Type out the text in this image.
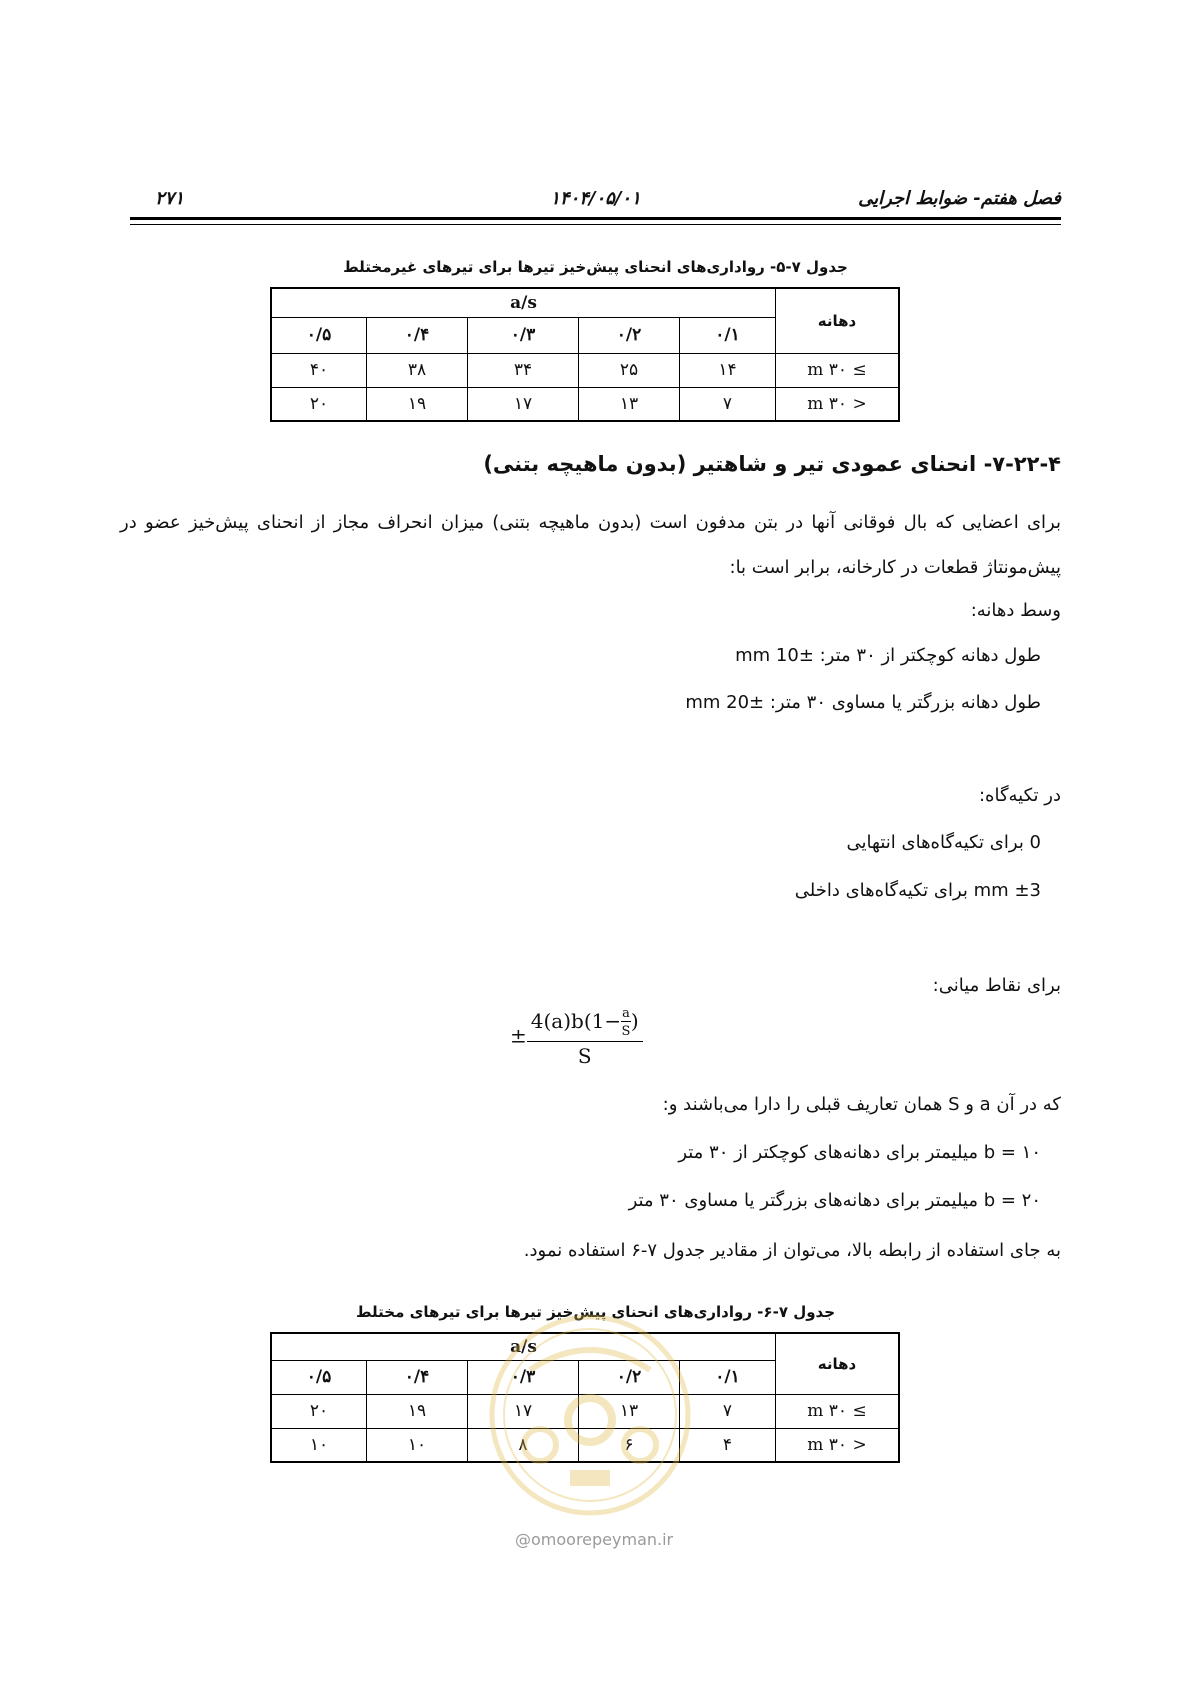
فصل هفتم- ضوابط اجرایی
۱۴۰۴/۰۵/۰۱
۲۷۱
جدول ۷-۵- رواداری‌های انحنای پیش‌خیز تیرها برای تیرهای غیرمختلط
دهانه	a/s				
	۰/۱	۰/۲	۰/۳	۰/۴	۰/۵
≥ ۳۰ m	۱۴	۲۵	۳۴	۳۸	۴۰
< ۳۰ m	۷	۱۳	۱۷	۱۹	۲۰
۷-۲۲-۴- انحنای عمودی تیر و شاهتیر (بدون ماهیچه بتنی)
برای اعضایی که بال فوقانی آنها در بتن مدفون است (بدون ماهیچه بتنی) میزان انحراف مجاز از انحنای پیش‌خیز عضو در پیش‌مونتاژ قطعات در کارخانه، برابر است با:
وسط دهانه:
طول دهانه کوچکتر از ۳۰ متر: ±10 mm
طول دهانه بزرگتر یا مساوی ۳۰ متر: ±20 mm
در تکیه‌گاه:
0 برای تکیه‌گاه‌های انتهایی
±3 mm برای تکیه‌گاه‌های داخلی
برای نقاط میانی:
± $\frac{4(a)b(1- \frac{a}{S} )}{S}$
که در آن a و S همان تعاریف قبلی را دارا می‌باشند و:
b = ۱۰ میلیمتر برای دهانه‌های کوچکتر از ۳۰ متر
b = ۲۰ میلیمتر برای دهانه‌های بزرگتر یا مساوی ۳۰ متر
به جای استفاده از رابطه بالا، می‌توان از مقادیر جدول ۷-۶ استفاده نمود.
جدول ۷-۶- رواداری‌های انحنای پیش‌خیز تیرها برای تیرهای مختلط
دهانه	a/s				
	۰/۱	۰/۲	۰/۳	۰/۴	۰/۵
≥ ۳۰ m	۷	۱۳	۱۷	۱۹	۲۰
< ۳۰ m	۴	۶	۸	۱۰	۱۰
@omoorepeyman.ir
